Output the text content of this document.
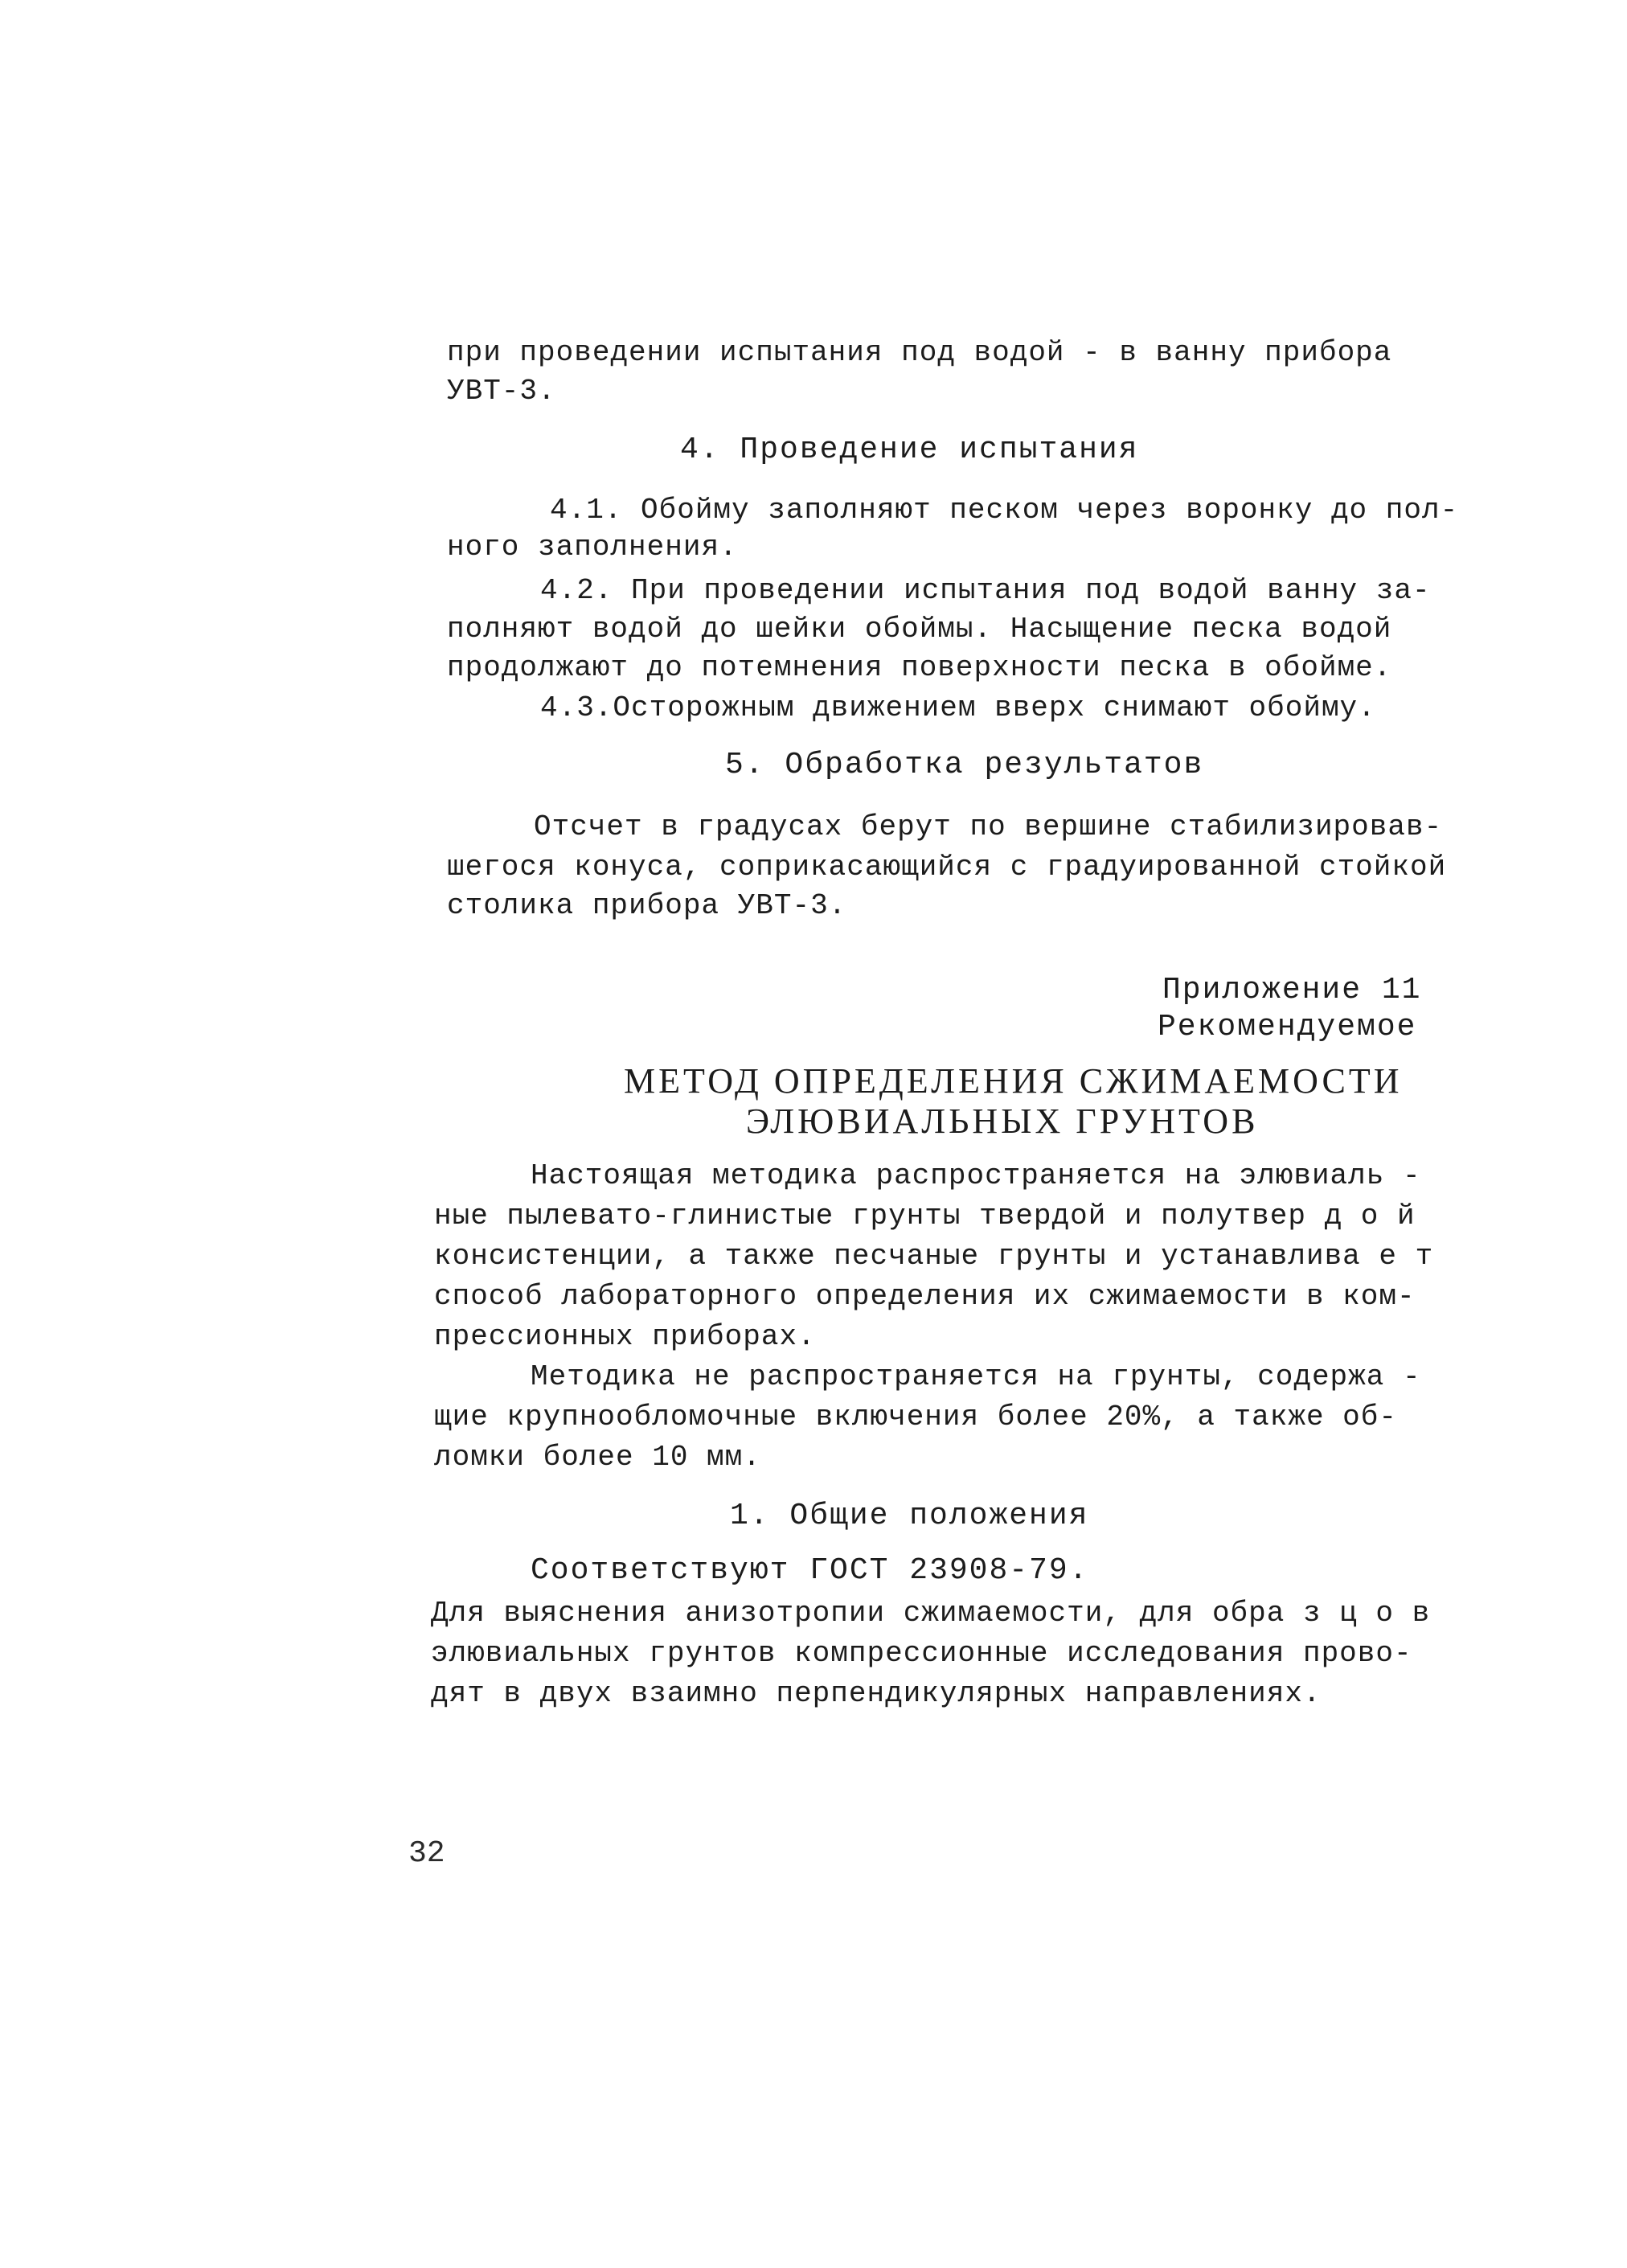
при проведении испытания под водой - в ванну прибора
УВТ-3.
4. Проведение испытания
4.1. Обойму заполняют песком через воронку до пол-
ного заполнения.
4.2. При проведении испытания под водой ванну за-
полняют водой до шейки обоймы. Насыщение песка водой
продолжают до потемнения поверхности песка в обойме.
4.3.Осторожным движением вверх снимают обойму.
5. Обработка результатов
Отсчет в градусах берут по вершине стабилизировав-
шегося конуса, соприкасающийся с градуированной стойкой
столика прибора УВТ-3.
Приложение 11
Рекомендуемое
МЕТОД ОПРЕДЕЛЕНИЯ СЖИМАЕМОСТИ
ЭЛЮВИАЛЬНЫХ ГРУНТОВ
Настоящая методика распространяется на элювиаль -
ные пылевато-глинистые грунты твердой и полутвер д о й
консистенции, а также песчаные грунты и устанавлива е т
способ лабораторного определения их сжимаемости в ком-
прессионных приборах.
Методика не распространяется на грунты, содержа -
щие крупнообломочные включения более 20%, а также об-
ломки более 10 мм.
1. Общие положения
Соответствуют ГОСТ 23908-79.
Для выяснения анизотропии сжимаемости, для обра з ц о в
элювиальных грунтов компрессионные исследования прово-
дят в двух взаимно перпендикулярных направлениях.
32
